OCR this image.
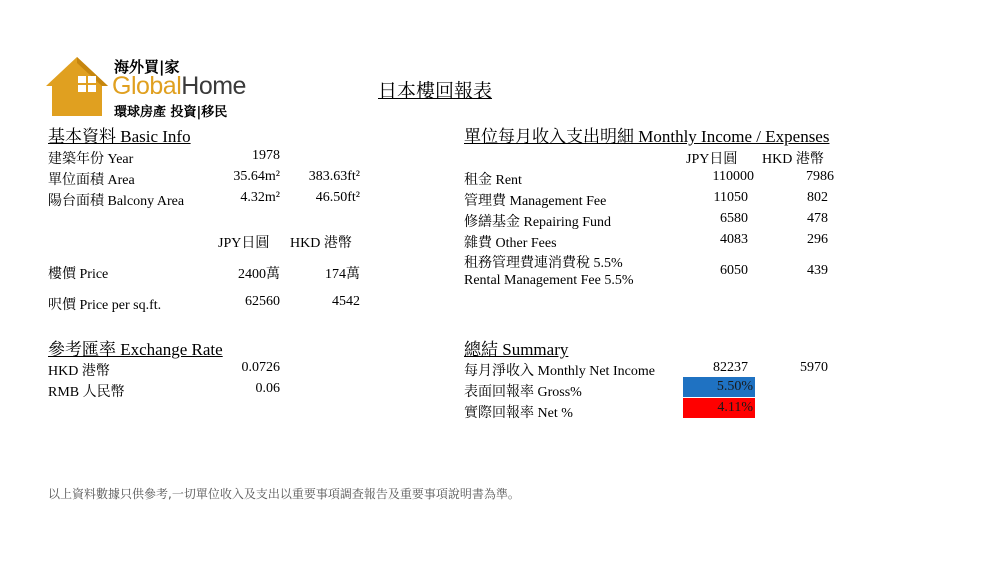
海外買|家
GlobalHome
環球房產 投資|移民
日本樓回報表
基本資料 Basic Info
建築年份 Year	1978
單位面積 Area	35.64m²	383.63ft²
陽台面積 Balcony Area	4.32m²	46.50ft²
JPY日圓 HKD 港幣
樓價 Price	2400萬	174萬
呎價 Price per sq.ft.	62560	4542
參考匯率 Exchange Rate
HKD 港幣	0.0726
RMB 人民幣	0.06
單位每月收入支出明細 Monthly Income / Expenses
JPY日圓 HKD 港幣
租金 Rent	110000	7986
管理費 Management Fee	11050	802
修繕基金 Repairing Fund	6580	478
雜費 Other Fees	4083	296
租務管理費連消費稅 5.5%
Rental Management Fee 5.5%
6050	439
總結 Summary
每月淨收入 Monthly Net Income	82237	5970
表面回報率 Gross%	5.50%
實際回報率 Net %	4.11%
以上資料數據只供參考,一切單位收入及支出以重要事項調查報告及重要事項說明書為準。
